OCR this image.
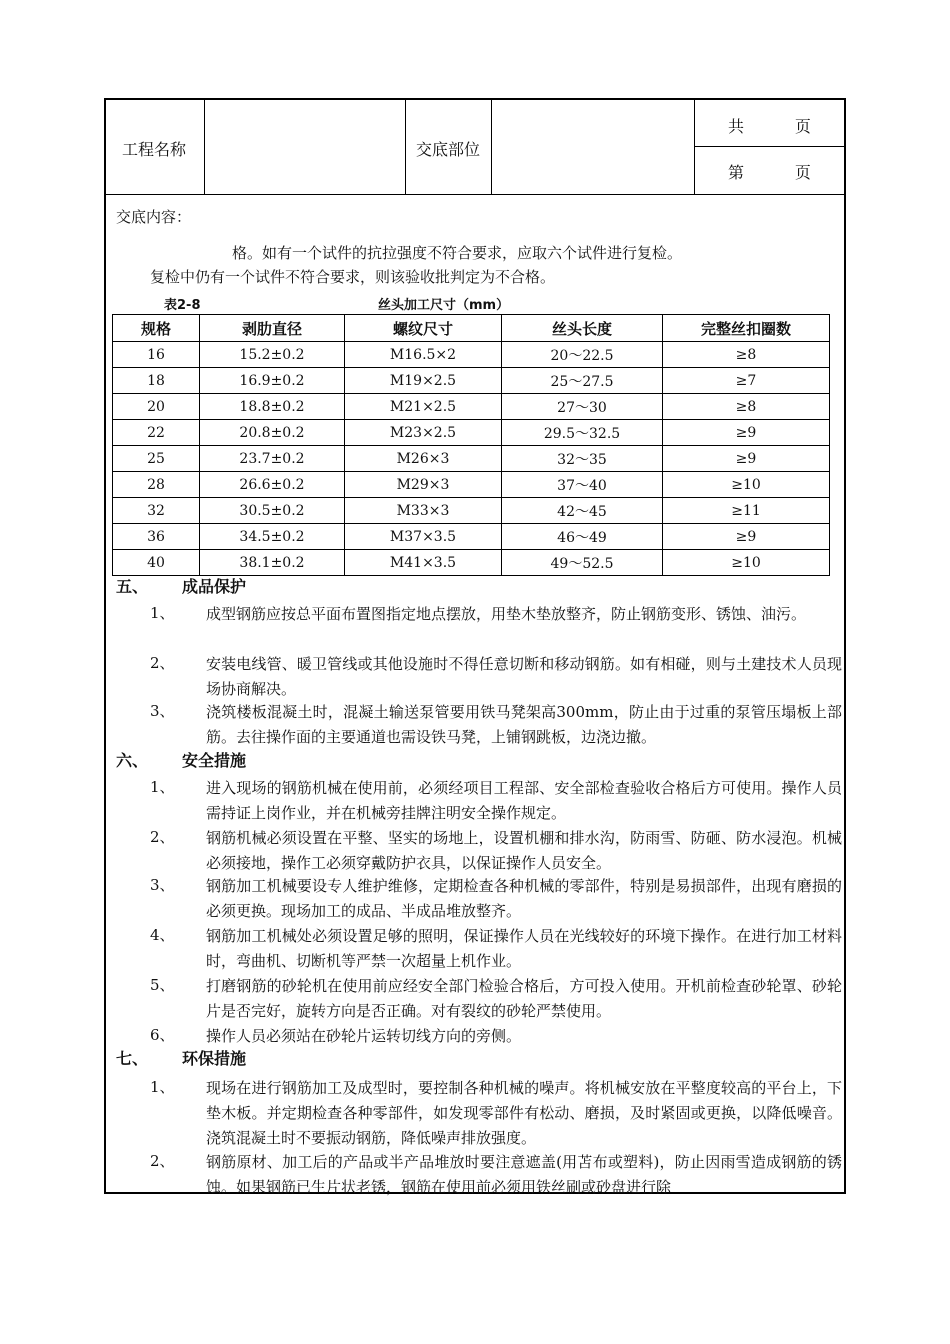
工程名称	交底部位
共          页
第          页
交底内容：
格。如有一个试件的抗拉强度不符合要求，应取六个试件进行复检。
复检中仍有一个试件不符合要求，则该验收批判定为不合格。
表2-8	丝头加工尺寸（mm）
规格	剥肋直径	螺纹尺寸	丝头长度	完整丝扣圈数
16	15.2±0.2	M16.5×2	20～22.5	≥8
18	16.9±0.2	M19×2.5	25～27.5	≥7
20	18.8±0.2	M21×2.5	27～30	≥8
22	20.8±0.2	M23×2.5	29.5～32.5	≥9
25	23.7±0.2	M26×3	32～35	≥9
28	26.6±0.2	M29×3	37～40	≥10
32	30.5±0.2	M33×3	42～45	≥11
36	34.5±0.2	M37×3.5	46～49	≥9
40	38.1±0.2	M41×3.5	49～52.5	≥10
五、 成品保护
1、 成型钢筋应按总平面布置图指定地点摆放，用垫木垫放整齐，防止钢筋变形、锈蚀、油污。
2、 安装电线管、暖卫管线或其他设施时不得任意切断和移动钢筋。如有相碰，则与土建技术人员现场协商解决。
3、 浇筑楼板混凝土时，混凝土输送泵管要用铁马凳架高300mm，防止由于过重的泵管压塌板上部筋。去往操作面的主要通道也需设铁马凳，上铺钢跳板，边浇边撤。
六、 安全措施
1、 进入现场的钢筋机械在使用前，必须经项目工程部、安全部检查验收合格后方可使用。操作人员需持证上岗作业，并在机械旁挂牌注明安全操作规定。
2、 钢筋机械必须设置在平整、坚实的场地上，设置机棚和排水沟，防雨雪、防砸、防水浸泡。机械必须接地，操作工必须穿戴防护衣具，以保证操作人员安全。
3、 钢筋加工机械要设专人维护维修，定期检查各种机械的零部件，特别是易损部件，出现有磨损的必须更换。现场加工的成品、半成品堆放整齐。
4、 钢筋加工机械处必须设置足够的照明，保证操作人员在光线较好的环境下操作。在进行加工材料时，弯曲机、切断机等严禁一次超量上机作业。
5、 打磨钢筋的砂轮机在使用前应经安全部门检验合格后，方可投入使用。开机前检查砂轮罩、砂轮片是否完好，旋转方向是否正确。对有裂纹的砂轮严禁使用。
6、 操作人员必须站在砂轮片运转切线方向的旁侧。
七、 环保措施
1、 现场在进行钢筋加工及成型时，要控制各种机械的噪声。将机械安放在平整度较高的平台上，下垫木板。并定期检查各种零部件，如发现零部件有松动、磨损，及时紧固或更换，以降低噪音。浇筑混凝土时不要振动钢筋，降低噪声排放强度。
2、 钢筋原材、加工后的产品或半产品堆放时要注意遮盖(用苫布或塑料)，防止因雨雪造成钢筋的锈蚀。如果钢筋已生片状老锈，钢筋在使用前必须用铁丝刷或砂盘进行除
